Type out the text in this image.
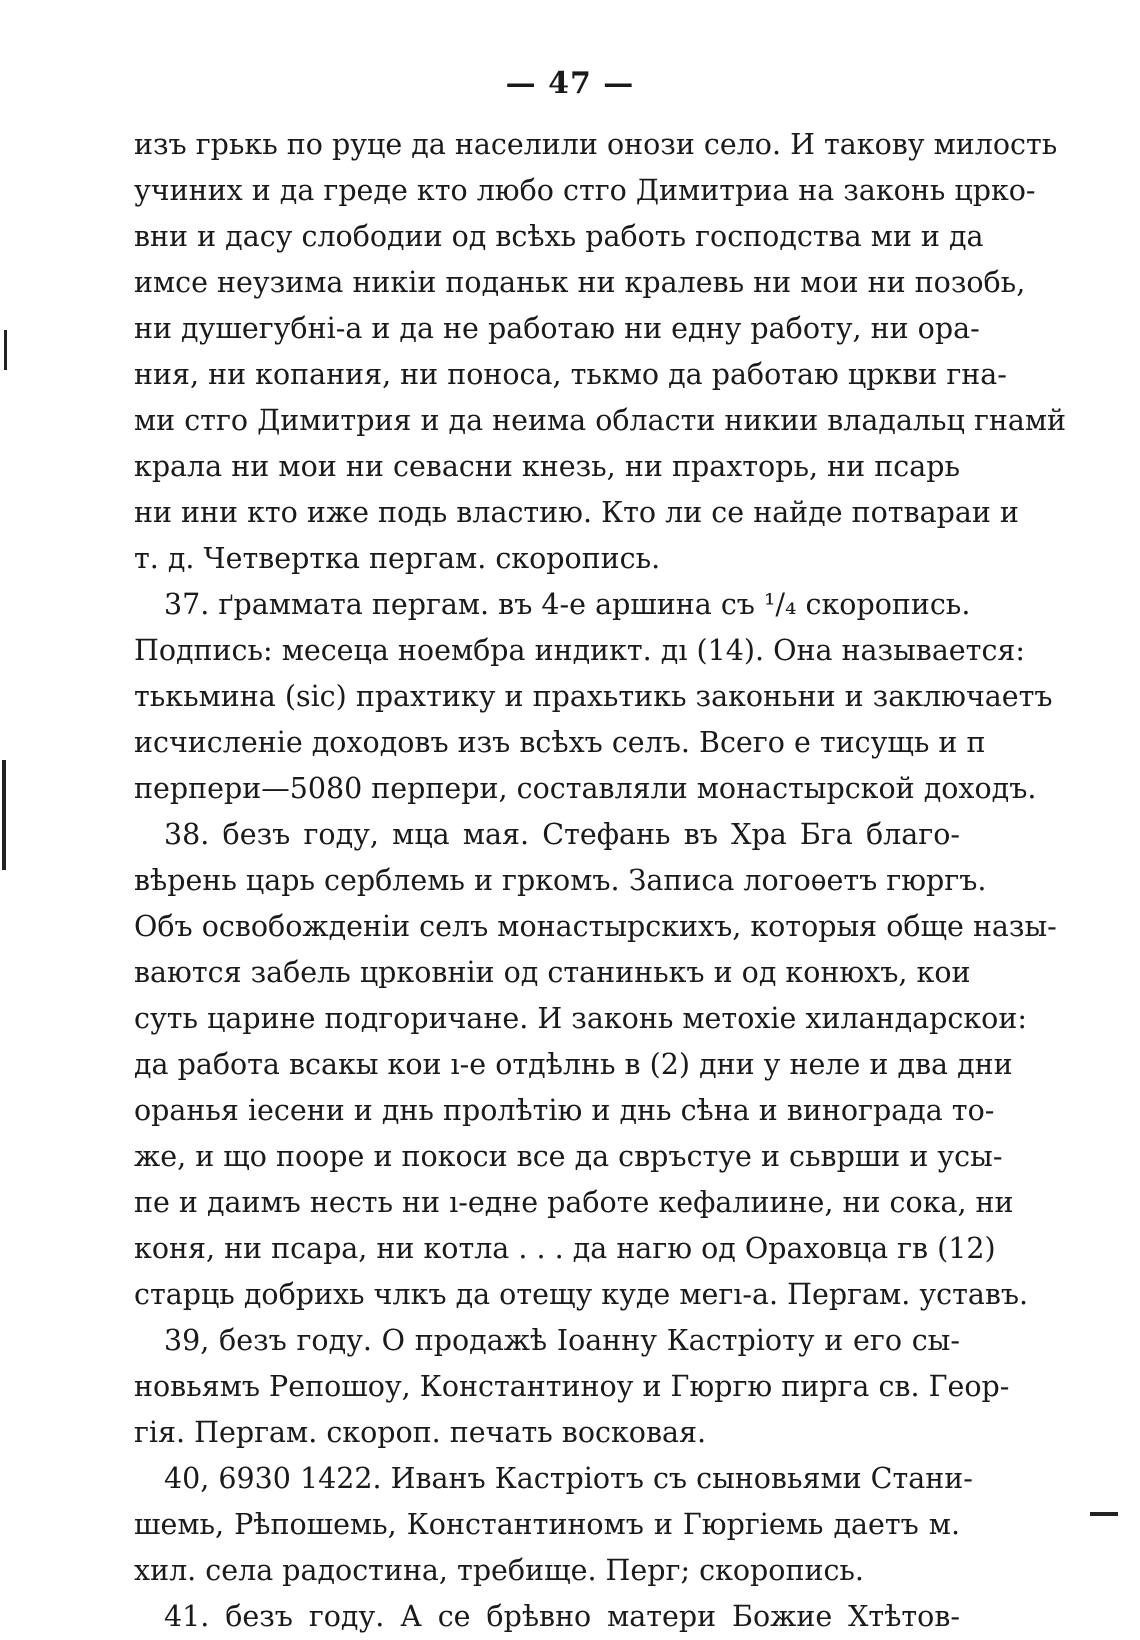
— 47 —
изъ грькь по руце да населили онози село. И такову милость
учиних и да греде кто любо стго Димитриа на законь цркo-
вни и дасу слободии од всѣхь работь господства ми и да
имсе неузима никiи поданьк ни кралевь ни мои ни позобь,
ни душегубнi-а и да не работаю ни едну работу, ни ора-
ния, ни копания, ни поноса, тькмо да работаю цркви гнa-
ми стго Димитрия и да неима области никии владальц гнамй
крала ни мои ни севасни кнезь, ни прахторь, ни псарь
ни ини кто иже подь властию. Кто ли се найде потвараи и
т. д. Четвертка пергам. скоропись.
37. ґраммата пергам. въ 4-е аршина съ ¹/₄ скоропись.
Подпись: месеца ноембра индикт. дı (14). Она называется:
тькьмина (sic) прахтику и прахьтикь законьни и заключаетъ
исчисленie доходовъ изъ всѣхъ селъ. Всего е тисущь и п
перпери—5080 перпери, составляли монастырской доходъ.
38. безъ году, мца мая. Стефань въ Хра Бга благо-
вѣрень царь серблемь и гркомъ. Записа логоѳетъ гюргъ.
Объ освобожденiи селъ монастырскихъ, которыя обще назы-
ваются забель црковнiи од станинькъ и од конюхъ, кои
суть царине подгоричане. И законь метохiе хиландарскои:
да работа всакы кои ı-е отдѣлнь в (2) дни у неле и два дни
оранья iесени и днь пролѣтiю и днь сѣна и винограда то-
же, и що пооре и покоси все да свръстуе и сьврши и усы-
пе и даимъ несть ни ı-едне работе кефалиине, ни сока, ни
коня, ни псара, ни котла . . . да нагю од Ораховца гв (12)
старць добрихь члкъ да отещу куде мегı-а. Пергам. уставъ.
39, безъ году. О продажѣ Iоанну Кастрiоту и его сы-
новьямъ Репошоу, Константиноу и Гюргю пирга св. Геор-
гiя. Пергам. скороп. печать восковая.
40, 6930 1422. Иванъ Кастрiотъ съ сыновьями Стани-
шемь, Рѣпошемь, Константиномъ и Гюргiемь даетъ м.
хил. села радостина, требище. Перг; скоропись.
41. безъ году. А се брѣвно матери Божие Хтѣтов-
